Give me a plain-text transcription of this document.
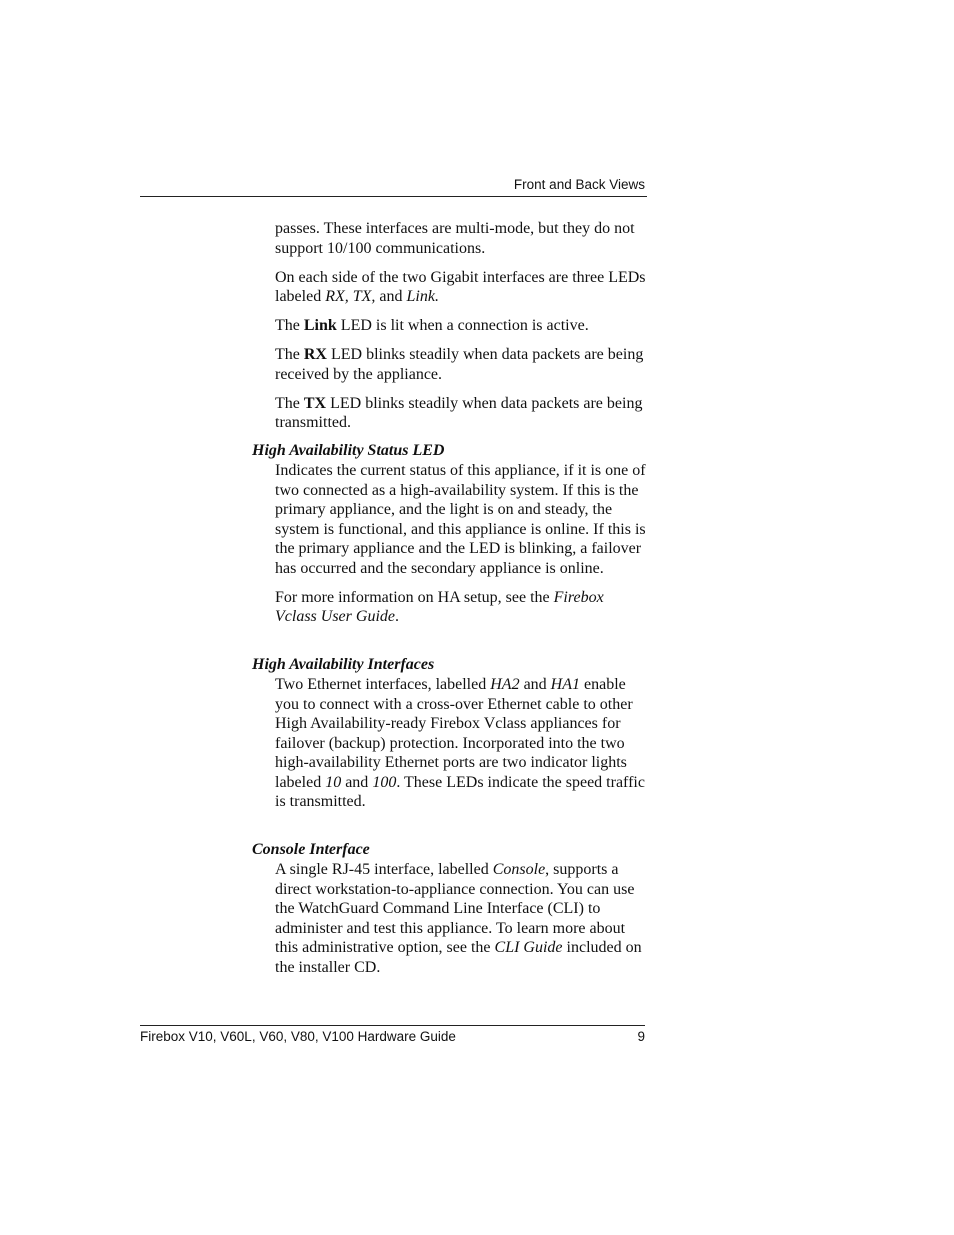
Front and Back Views

passes. These interfaces are multi-mode, but they do not support 10/100 communications.

On each side of the two Gigabit interfaces are three LEDs labeled RX, TX, and Link.

The Link LED is lit when a connection is active.

The RX LED blinks steadily when data packets are being received by the appliance.

The TX LED blinks steadily when data packets are being transmitted.

High Availability Status LED

Indicates the current status of this appliance, if it is one of two connected as a high-availability system. If this is the primary appliance, and the light is on and steady, the system is functional, and this appliance is online. If this is the primary appliance and the LED is blinking, a failover has occurred and the secondary appliance is online.

For more information on HA setup, see the Firebox Vclass User Guide.

High Availability Interfaces

Two Ethernet interfaces, labelled HA2 and HA1 enable you to connect with a cross-over Ethernet cable to other High Availability-ready Firebox Vclass appliances for failover (backup) protection. Incorporated into the two high-availability Ethernet ports are two indicator lights labeled 10 and 100. These LEDs indicate the speed traffic is transmitted.

Console Interface

A single RJ-45 interface, labelled Console, supports a direct workstation-to-appliance connection. You can use the WatchGuard Command Line Interface (CLI) to administer and test this appliance. To learn more about this administrative option, see the CLI Guide included on the installer CD.

Firebox V10, V60L, V60, V80, V100 Hardware Guide	9
